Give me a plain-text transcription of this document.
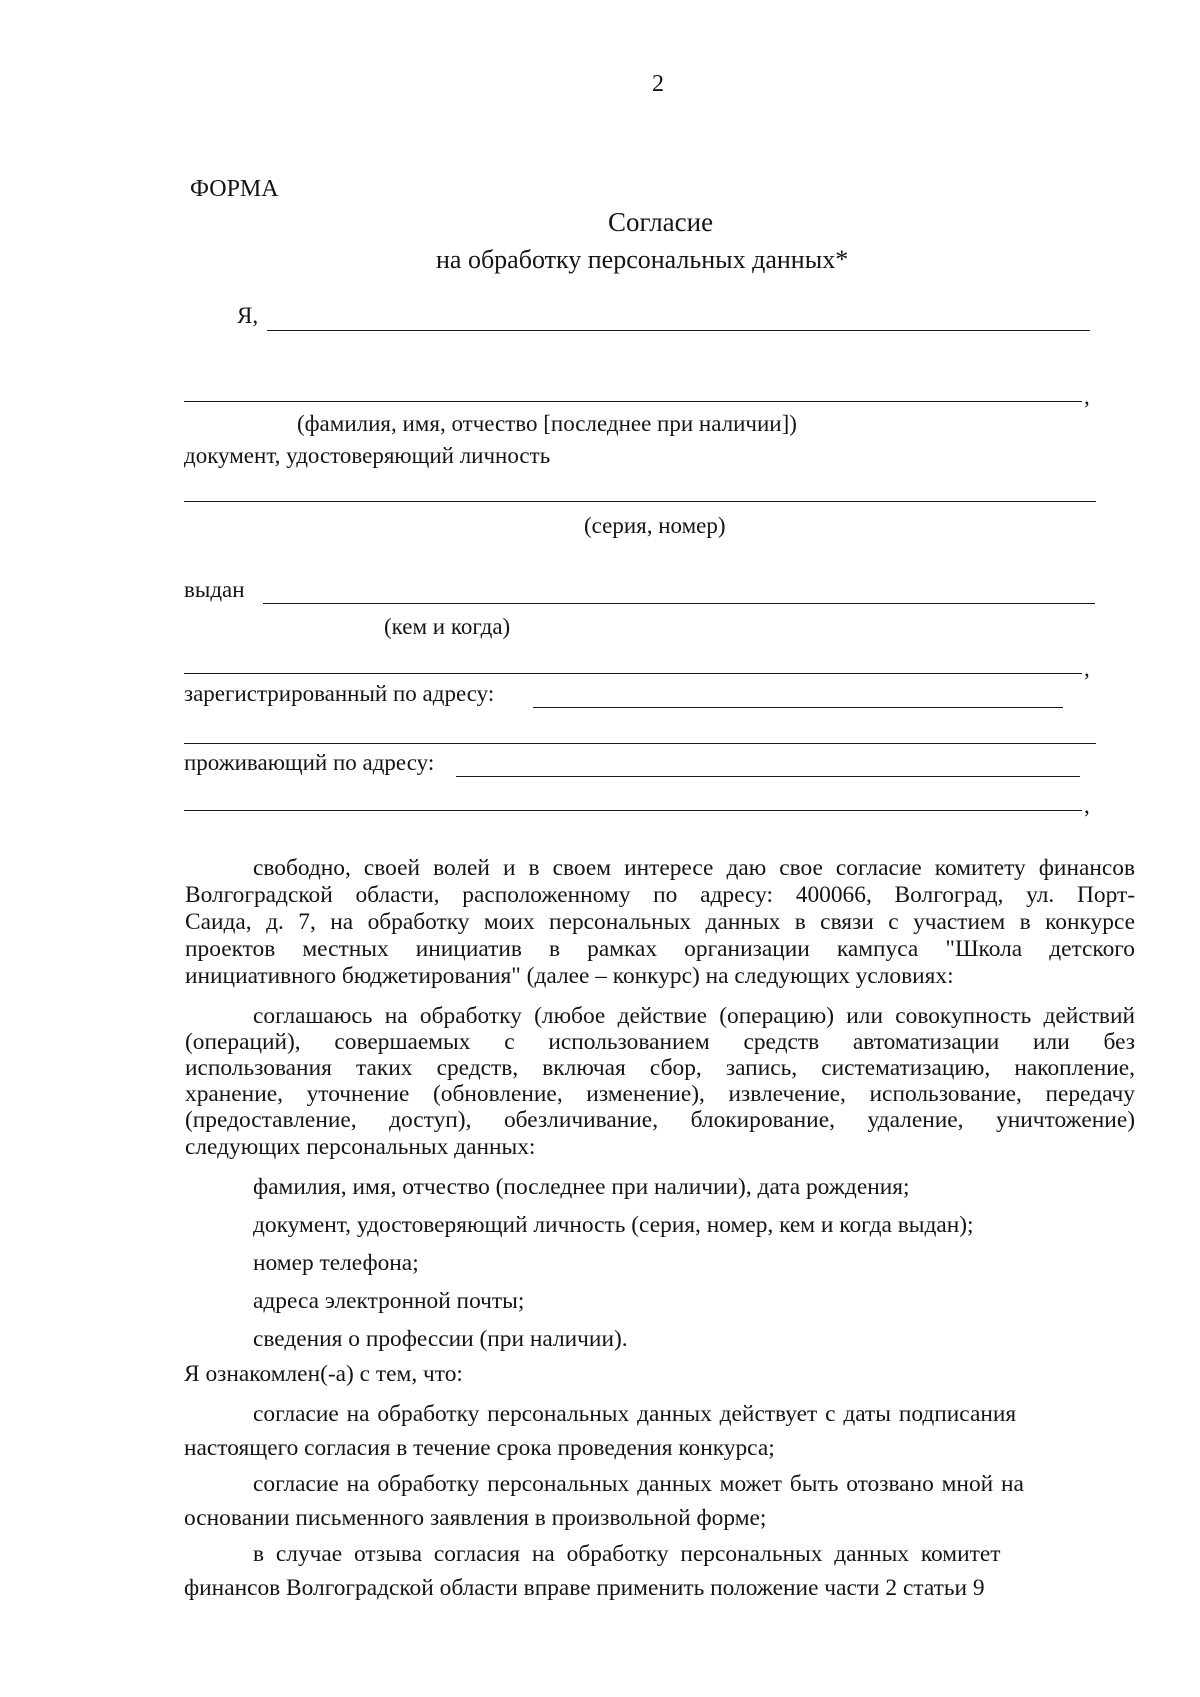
2
ФОРМА
Согласие
на обработку персональных данных*
Я,
,
(фамилия, имя, отчество [последнее при наличии])
документ, удостоверяющий личность
(серия, номер)
выдан
(кем и когда)
,
зарегистрированный по адресу:
проживающий по адресу:
,
свободно, своей волей и в своем интересе даю свое согласие комитету финансов
Волгоградской области, расположенному по адресу: 400066, Волгоград, ул. Порт-
Саида, д. 7, на обработку моих персональных данных в связи с участием в конкурсе
проектов местных инициатив в рамках организации кампуса "Школа детского
инициативного бюджетирования" (далее – конкурс) на следующих условиях:
соглашаюсь на обработку (любое действие (операцию) или совокупность действий
(операций), совершаемых с использованием средств автоматизации или без
использования таких средств, включая сбор, запись, систематизацию, накопление,
хранение, уточнение (обновление, изменение), извлечение, использование, передачу
(предоставление, доступ), обезличивание, блокирование, удаление, уничтожение)
следующих персональных данных:
фамилия, имя, отчество (последнее при наличии), дата рождения;
документ, удостоверяющий личность (серия, номер, кем и когда выдан);
номер телефона;
адреса электронной почты;
сведения о профессии (при наличии).
Я ознакомлен(-а) с тем, что:
согласие на обработку персональных данных действует с даты подписания
настоящего согласия в течение срока проведения конкурса;
согласие на обработку персональных данных может быть отозвано мной на
основании письменного заявления в произвольной форме;
в случае отзыва согласия на обработку персональных данных комитет
финансов Волгоградской области вправе применить положение части 2 статьи 9
